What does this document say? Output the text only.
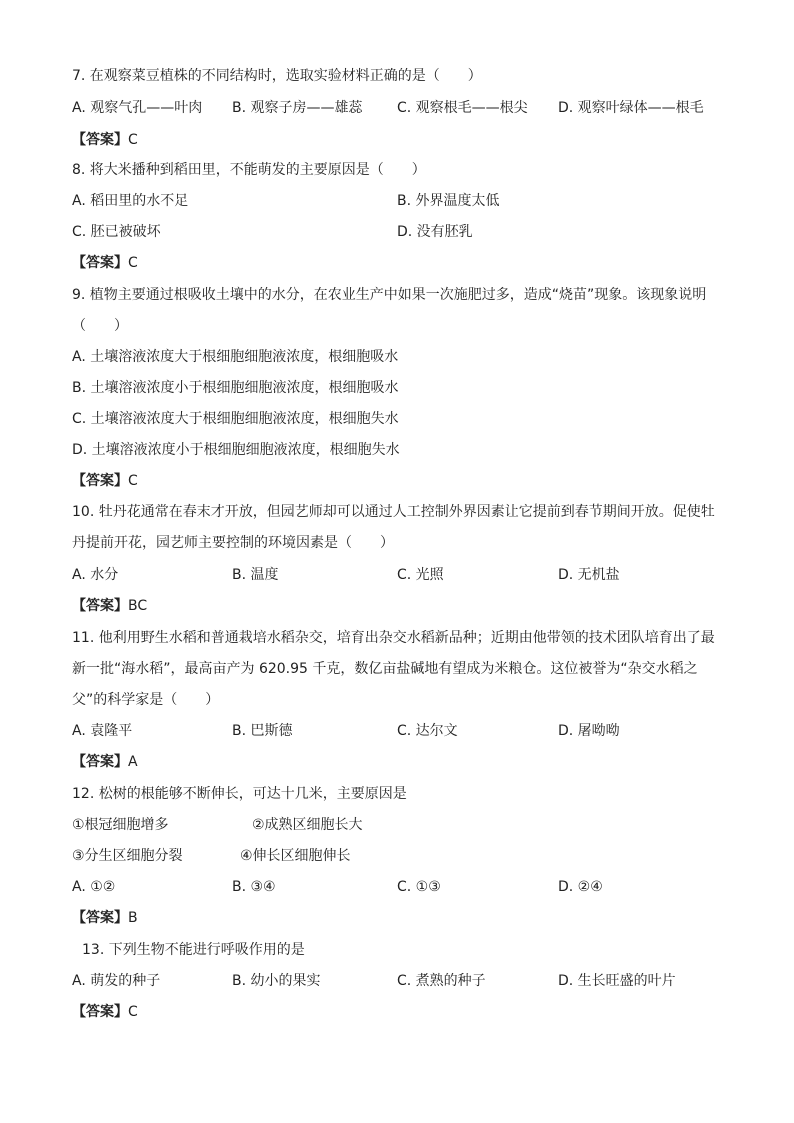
7. 在观察菜豆植株的不同结构时，选取实验材料正确的是（　　）
A. 观察气孔——叶肉 B. 观察子房——雄蕊 C. 观察根毛——根尖 D. 观察叶绿体——根毛
【答案】C
8. 将大米播种到稻田里，不能萌发的主要原因是（　　）
A. 稻田里的水不足	B. 外界温度太低
C. 胚已被破坏	D. 没有胚乳
【答案】C
9. 植物主要通过根吸收土壤中的水分，在农业生产中如果一次施肥过多，造成“烧苗”现象。该现象说明
（　　）
A. 土壤溶液浓度大于根细胞细胞液浓度，根细胞吸水
B. 土壤溶液浓度小于根细胞细胞液浓度，根细胞吸水
C. 土壤溶液浓度大于根细胞细胞液浓度，根细胞失水
D. 土壤溶液浓度小于根细胞细胞液浓度，根细胞失水
【答案】C
10. 牡丹花通常在春末才开放，但园艺师却可以通过人工控制外界因素让它提前到春节期间开放。促使牡
丹提前开花，园艺师主要控制的环境因素是（　　）
A. 水分	B. 温度	C. 光照	D. 无机盐
【答案】BC
11. 他利用野生水稻和普通栽培水稻杂交，培育出杂交水稻新品种；近期由他带领的技术团队培育出了最
新一批“海水稻”，最高亩产为 620.95 千克，数亿亩盐碱地有望成为米粮仓。这位被誉为“杂交水稻之
父”的科学家是（　　）
A. 袁隆平	B. 巴斯德	C. 达尔文	D. 屠呦呦
【答案】A
12. 松树的根能够不断伸长，可达十几米，主要原因是
①根冠细胞增多	②成熟区细胞长大
③分生区细胞分裂	④伸长区细胞伸长
A. ①②	B. ③④	C. ①③	D. ②④
【答案】B
13. 下列生物不能进行呼吸作用的是
A. 萌发的种子	B. 幼小的果实	C. 煮熟的种子	D. 生长旺盛的叶片
【答案】C
